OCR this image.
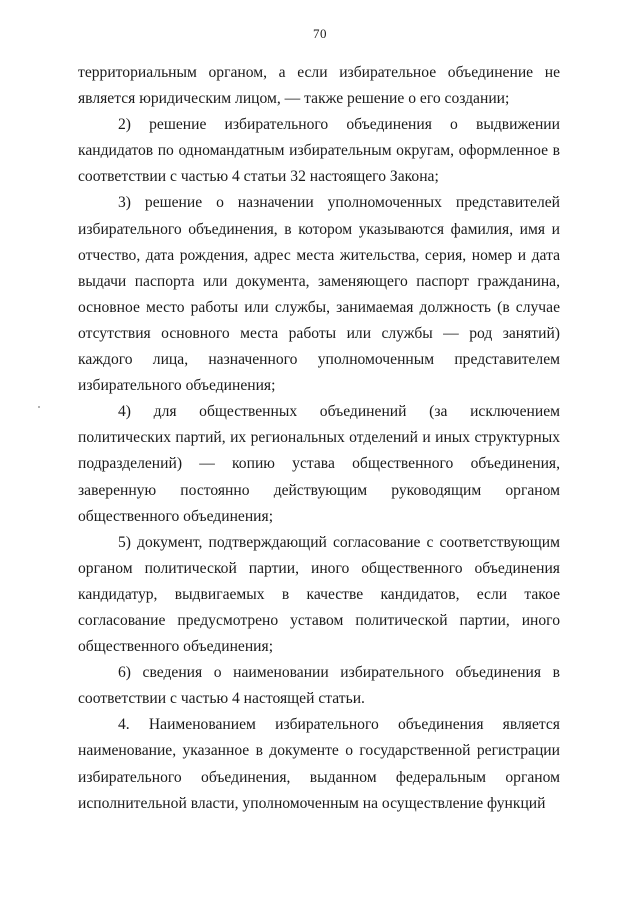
70

территориальным органом, а если избирательное объединение не является юридическим лицом, — также решение о его создании;

2) решение избирательного объединения о выдвижении кандидатов по одномандатным избирательным округам, оформленное в соответствии с частью 4 статьи 32 настоящего Закона;

3) решение о назначении уполномоченных представителей избирательного объединения, в котором указываются фамилия, имя и отчество, дата рождения, адрес места жительства, серия, номер и дата выдачи паспорта или документа, заменяющего паспорт гражданина, основное место работы или службы, занимаемая должность (в случае отсутствия основного места работы или службы — род занятий) каждого лица, назначенного уполномоченным представителем избирательного объединения;

4) для общественных объединений (за исключением политических партий, их региональных отделений и иных структурных подразделений) — копию устава общественного объединения, заверенную постоянно действующим руководящим органом общественного объединения;

5) документ, подтверждающий согласование с соответствующим органом политической партии, иного общественного объединения кандидатур, выдвигаемых в качестве кандидатов, если такое согласование предусмотрено уставом политической партии, иного общественного объединения;

6) сведения о наименовании избирательного объединения в соответствии с частью 4 настоящей статьи.

4. Наименованием избирательного объединения является наименование, указанное в документе о государственной регистрации избирательного объединения, выданном федеральным органом исполнительной власти, уполномоченным на осуществление функций
